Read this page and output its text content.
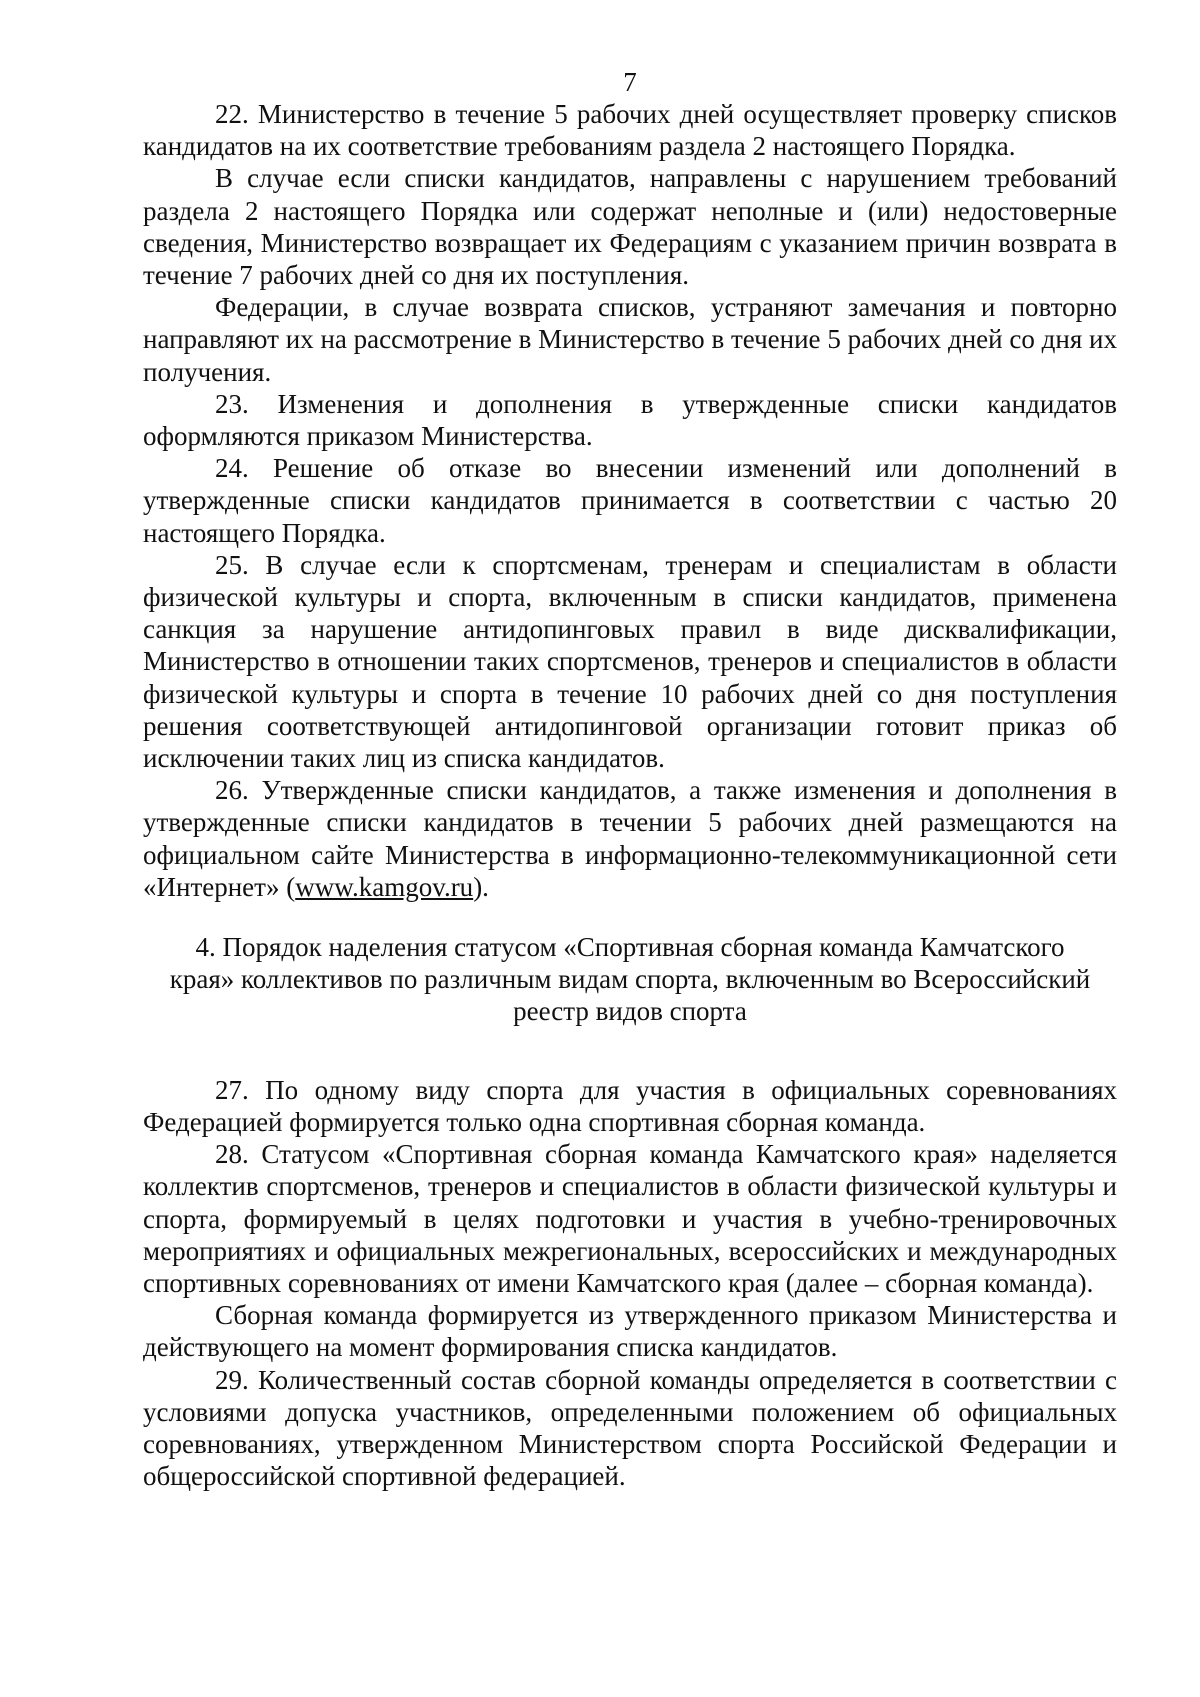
7

22. Министерство в течение 5 рабочих дней осуществляет проверку списков кандидатов на их соответствие требованиям раздела 2 настоящего Порядка.

В случае если списки кандидатов, направлены с нарушением требований раздела 2 настоящего Порядка или содержат неполные и (или) недостоверные сведения, Министерство возвращает их Федерациям с указанием причин возврата в течение 7 рабочих дней со дня их поступления.

Федерации, в случае возврата списков, устраняют замечания и повторно направляют их на рассмотрение в Министерство в течение 5 рабочих дней со дня их получения.

23. Изменения и дополнения в утвержденные списки кандидатов оформляются приказом Министерства.

24. Решение об отказе во внесении изменений или дополнений в утвержденные списки кандидатов принимается в соответствии с частью 20 настоящего Порядка.

25. В случае если к спортсменам, тренерам и специалистам в области физической культуры и спорта, включенным в списки кандидатов, применена санкция за нарушение антидопинговых правил в виде дисквалификации, Министерство в отношении таких спортсменов, тренеров и специалистов в области физической культуры и спорта в течение 10 рабочих дней со дня поступления решения соответствующей антидопинговой организации готовит приказ об исключении таких лиц из списка кандидатов.

26. Утвержденные списки кандидатов, а также изменения и дополнения в утвержденные списки кандидатов в течении 5 рабочих дней размещаются на официальном сайте Министерства в информационно-телекоммуникационной сети «Интернет» (www.kamgov.ru).

4. Порядок наделения статусом «Спортивная сборная команда Камчатского
края» коллективов по различным видам спорта, включенным во Всероссийский
реестр видов спорта

27. По одному виду спорта для участия в официальных соревнованиях Федерацией формируется только одна спортивная сборная команда.

28. Статусом «Спортивная сборная команда Камчатского края» наделяется коллектив спортсменов, тренеров и специалистов в области физической культуры и спорта, формируемый в целях подготовки и участия в учебно-тренировочных мероприятиях и официальных межрегиональных, всероссийских и международных спортивных соревнованиях от имени Камчатского края (далее – сборная команда).

Сборная команда формируется из утвержденного приказом Министерства и действующего на момент формирования списка кандидатов.

29. Количественный состав сборной команды определяется в соответствии с условиями допуска участников, определенными положением об официальных соревнованиях, утвержденном Министерством спорта Российской Федерации и общероссийской спортивной федерацией.
